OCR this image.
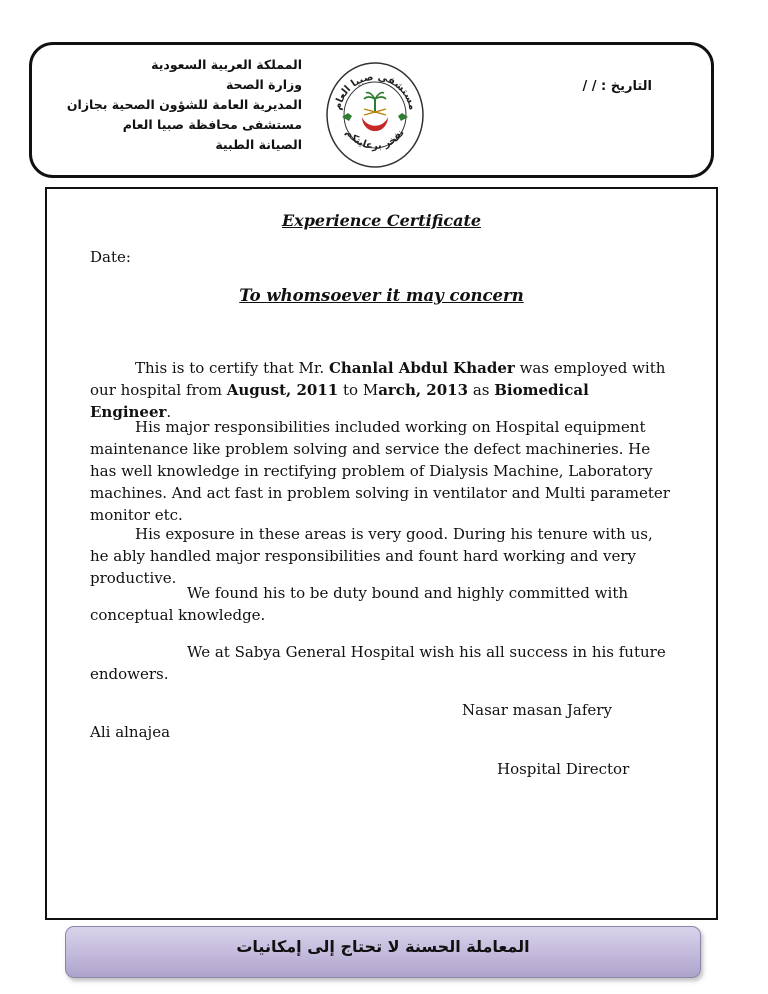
المملكة العربية السعودية
وزارة الصحة
المديرية العامة للشؤون الصحية بجازان
مستشفى محافظة صبيا العام
الصيانة الطبية
مستشفى صبيا العام
نفخر برعايتكم
التاريخ : / /
Experience Certificate
Date:
To whomsoever it may concern

This is to certify that Mr. Chanlal Abdul Khader was employed with our hospital from August, 2011 to March, 2013 as Biomedical Engineer.

His major responsibilities included working on Hospital equipment maintenance like problem solving and service the defect machineries. He has well knowledge in rectifying problem of Dialysis Machine, Laboratory machines. And act fast in problem solving in ventilator and Multi parameter monitor etc.

His exposure in these areas is very good. During his tenure with us, he ably handled major responsibilities and fount hard working and very productive.

We found his to be duty bound and highly committed with conceptual knowledge.

We at Sabya General Hospital wish his all success in his future endowers.

Nasar masan Jafery
Ali alnajea
Hospital Director
المعاملة الحسنة لا تحتاج إلى إمكانيات
